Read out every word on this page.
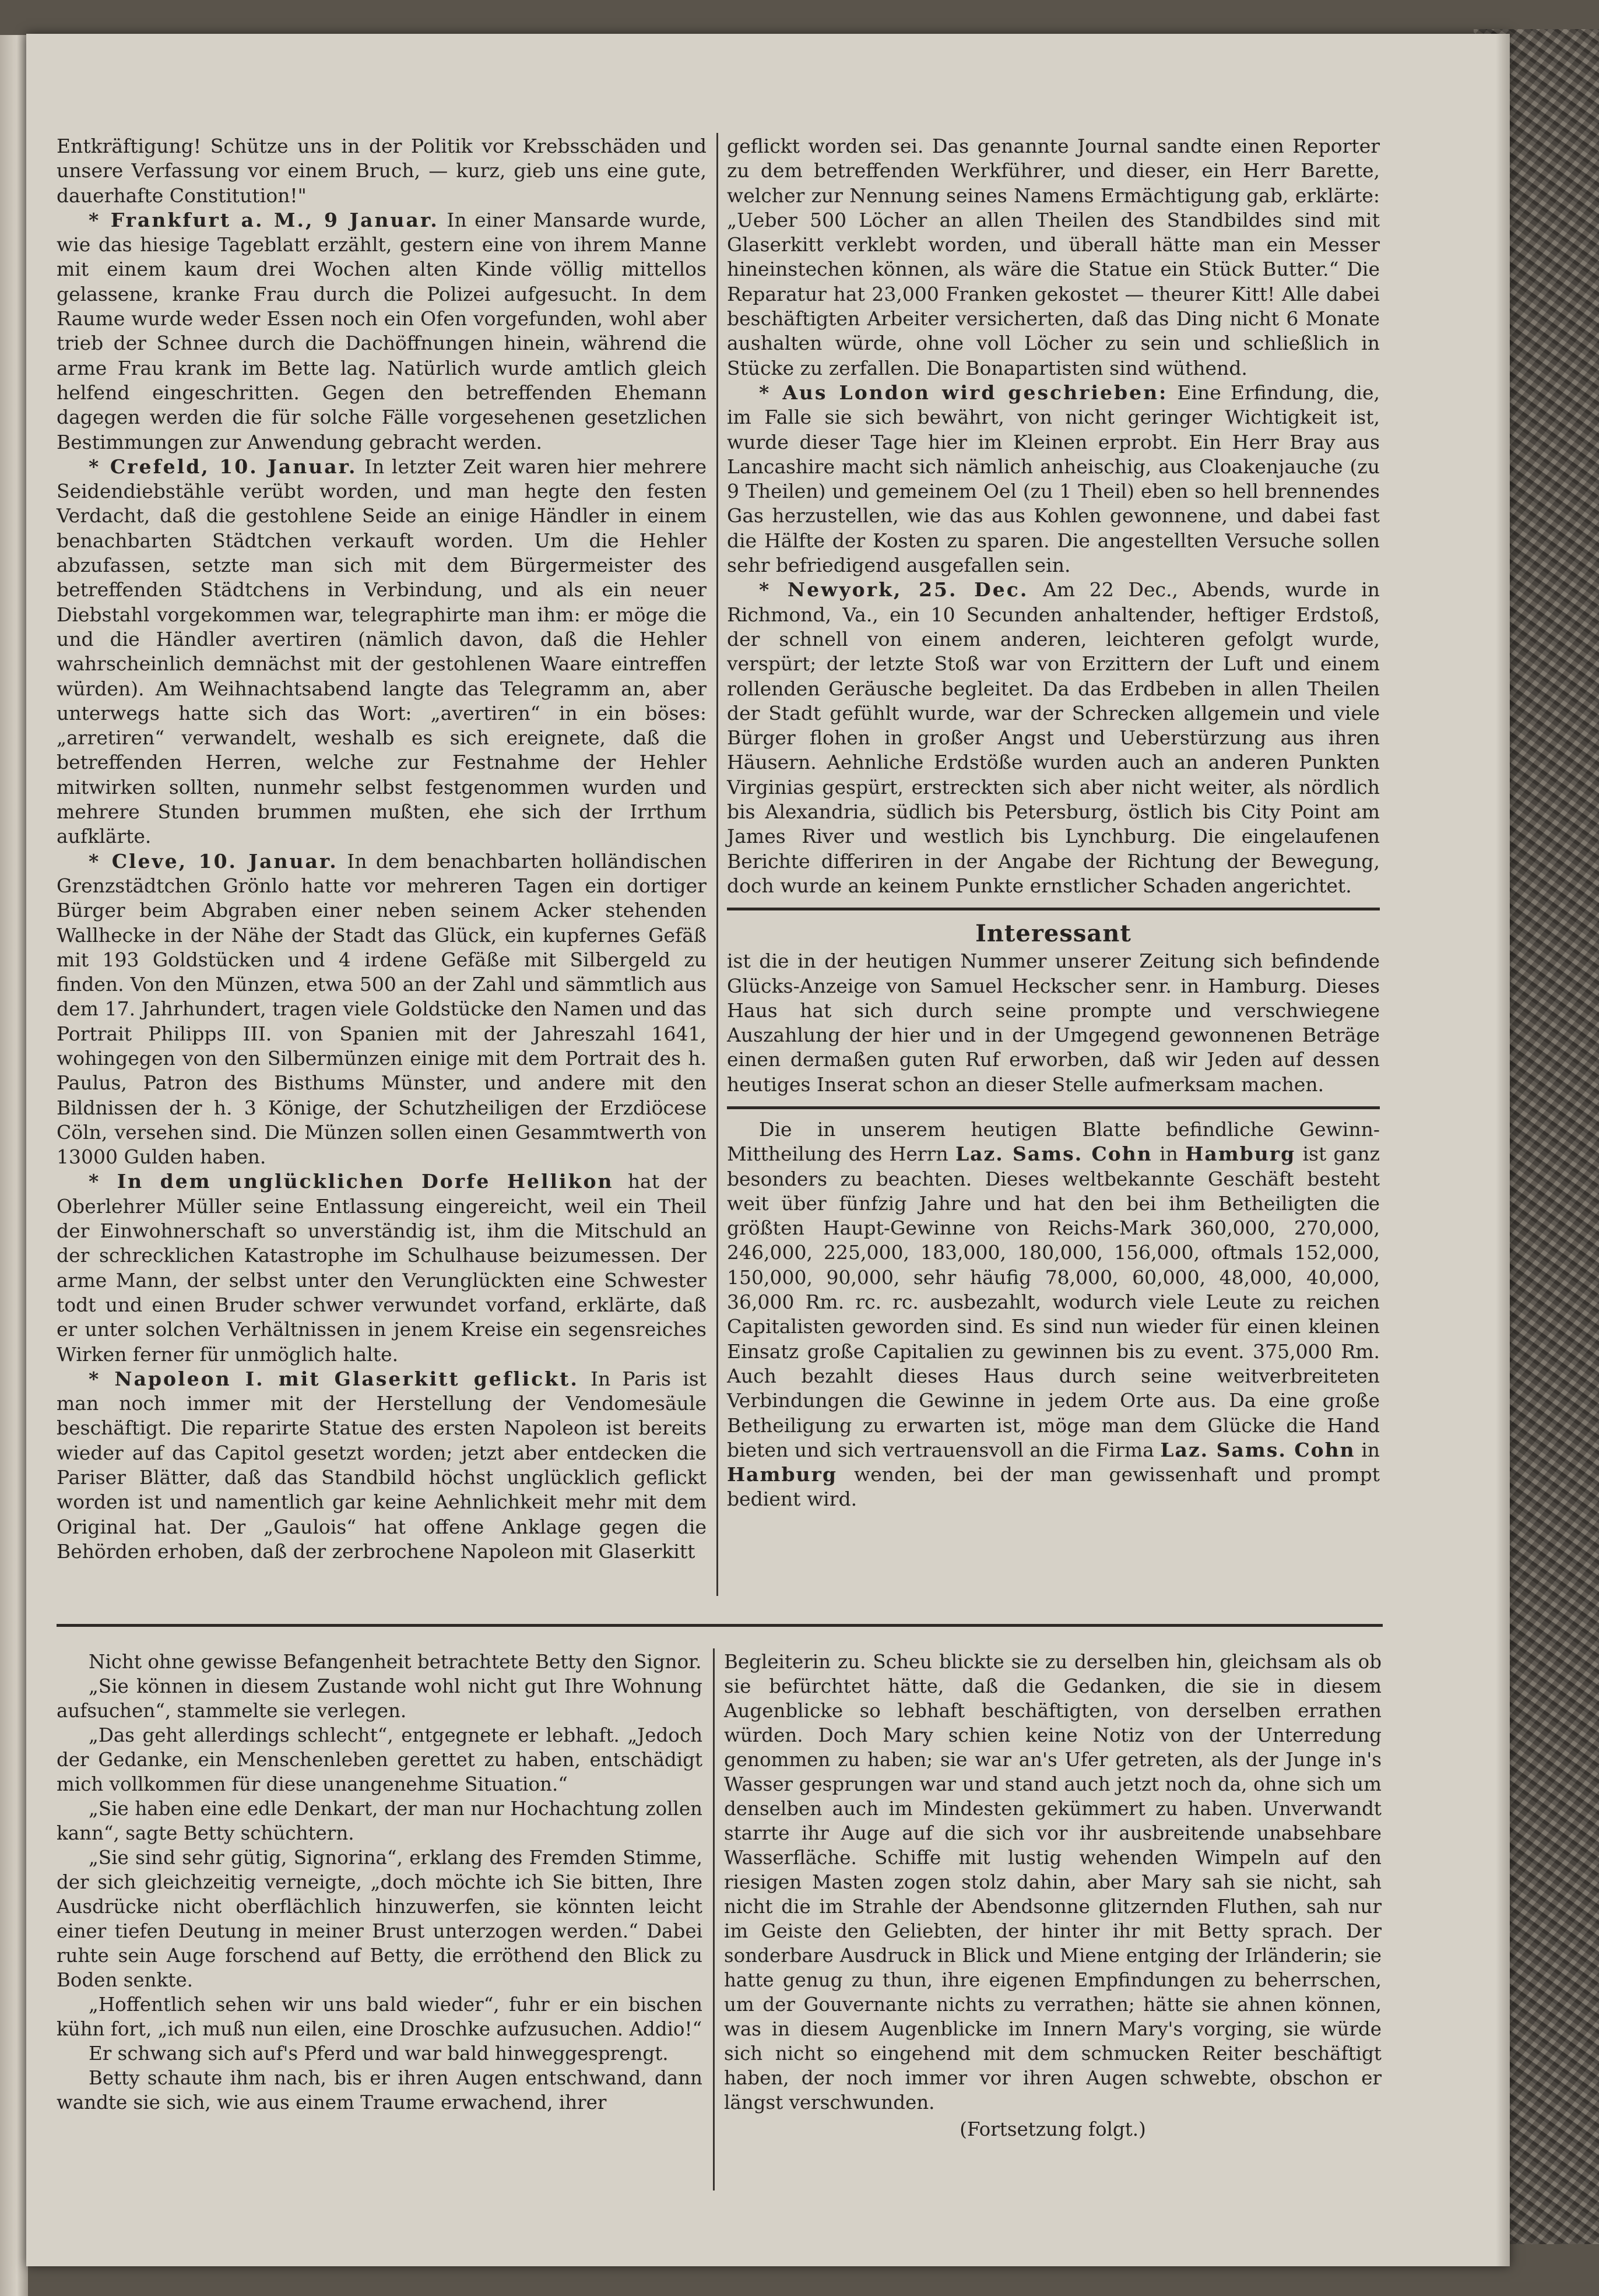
Entkräftigung! Schütze uns in der Politik vor Krebsschäden und unsere Verfassung vor einem Bruch, — kurz, gieb uns eine gute, dauerhafte Constitution!"

* Frankfurt a. M., 9 Januar. In einer Mansarde wurde, wie das hiesige Tageblatt erzählt, gestern eine von ihrem Manne mit einem kaum drei Wochen alten Kinde völlig mittellos gelassene, kranke Frau durch die Polizei aufgesucht. In dem Raume wurde weder Essen noch ein Ofen vorgefunden, wohl aber trieb der Schnee durch die Dachöffnungen hinein, während die arme Frau krank im Bette lag. Natürlich wurde amtlich gleich helfend eingeschritten. Gegen den betreffenden Ehemann dagegen werden die für solche Fälle vorgesehenen gesetzlichen Bestimmungen zur Anwendung gebracht werden.

* Crefeld, 10. Januar. In letzter Zeit waren hier mehrere Seidendiebstähle verübt worden, und man hegte den festen Verdacht, daß die gestohlene Seide an einige Händler in einem benachbarten Städtchen verkauft worden. Um die Hehler abzufassen, setzte man sich mit dem Bürgermeister des betreffenden Städtchens in Verbindung, und als ein neuer Diebstahl vorgekommen war, telegraphirte man ihm: er möge die und die Händler avertiren (nämlich davon, daß die Hehler wahrscheinlich demnächst mit der gestohlenen Waare eintreffen würden). Am Weihnachtsabend langte das Telegramm an, aber unterwegs hatte sich das Wort: „avertiren“ in ein böses: „arretiren“ verwandelt, weshalb es sich ereignete, daß die betreffenden Herren, welche zur Festnahme der Hehler mitwirken sollten, nunmehr selbst festgenommen wurden und mehrere Stunden brummen mußten, ehe sich der Irrthum aufklärte.

* Cleve, 10. Januar. In dem benachbarten holländischen Grenzstädtchen Grönlo hatte vor mehreren Tagen ein dortiger Bürger beim Abgraben einer neben seinem Acker stehenden Wallhecke in der Nähe der Stadt das Glück, ein kupfernes Gefäß mit 193 Goldstücken und 4 irdene Gefäße mit Silbergeld zu finden. Von den Münzen, etwa 500 an der Zahl und sämmtlich aus dem 17. Jahrhundert, tragen viele Goldstücke den Namen und das Portrait Philipps III. von Spanien mit der Jahreszahl 1641, wohingegen von den Silbermünzen einige mit dem Portrait des h. Paulus, Patron des Bisthums Münster, und andere mit den Bildnissen der h. 3 Könige, der Schutzheiligen der Erzdiöcese Cöln, versehen sind. Die Münzen sollen einen Gesammtwerth von 13000 Gulden haben.

* In dem unglücklichen Dorfe Hellikon hat der Oberlehrer Müller seine Entlassung eingereicht, weil ein Theil der Einwohnerschaft so unverständig ist, ihm die Mitschuld an der schrecklichen Katastrophe im Schulhause beizumessen. Der arme Mann, der selbst unter den Verunglückten eine Schwester todt und einen Bruder schwer verwundet vorfand, erklärte, daß er unter solchen Verhältnissen in jenem Kreise ein segensreiches Wirken ferner für unmöglich halte.

* Napoleon I. mit Glaserkitt geflickt. In Paris ist man noch immer mit der Herstellung der Vendomesäule beschäftigt. Die reparirte Statue des ersten Napoleon ist bereits wieder auf das Capitol gesetzt worden; jetzt aber entdecken die Pariser Blätter, daß das Standbild höchst unglücklich geflickt worden ist und namentlich gar keine Aehnlichkeit mehr mit dem Original hat. Der „Gaulois“ hat offene Anklage gegen die Behörden erhoben, daß der zerbrochene Napoleon mit Glaserkitt

geflickt worden sei. Das genannte Journal sandte einen Reporter zu dem betreffenden Werkführer, und dieser, ein Herr Barette, welcher zur Nennung seines Namens Ermächtigung gab, erklärte: „Ueber 500 Löcher an allen Theilen des Standbildes sind mit Glaserkitt verklebt worden, und überall hätte man ein Messer hineinstechen können, als wäre die Statue ein Stück Butter.“ Die Reparatur hat 23,000 Franken gekostet — theurer Kitt! Alle dabei beschäftigten Arbeiter versicherten, daß das Ding nicht 6 Monate aushalten würde, ohne voll Löcher zu sein und schließlich in Stücke zu zerfallen. Die Bonapartisten sind wüthend.

* Aus London wird geschrieben: Eine Erfindung, die, im Falle sie sich bewährt, von nicht geringer Wichtigkeit ist, wurde dieser Tage hier im Kleinen erprobt. Ein Herr Bray aus Lancashire macht sich nämlich anheischig, aus Cloakenjauche (zu 9 Theilen) und gemeinem Oel (zu 1 Theil) eben so hell brennendes Gas herzustellen, wie das aus Kohlen gewonnene, und dabei fast die Hälfte der Kosten zu sparen. Die angestellten Versuche sollen sehr befriedigend ausgefallen sein.

* Newyork, 25. Dec. Am 22 Dec., Abends, wurde in Richmond, Va., ein 10 Secunden anhaltender, heftiger Erdstoß, der schnell von einem anderen, leichteren gefolgt wurde, verspürt; der letzte Stoß war von Erzittern der Luft und einem rollenden Geräusche begleitet. Da das Erdbeben in allen Theilen der Stadt gefühlt wurde, war der Schrecken allgemein und viele Bürger flohen in großer Angst und Ueberstürzung aus ihren Häusern. Aehnliche Erdstöße wurden auch an anderen Punkten Virginias gespürt, erstreckten sich aber nicht weiter, als nördlich bis Alexandria, südlich bis Petersburg, östlich bis City Point am James River und westlich bis Lynchburg. Die eingelaufenen Berichte differiren in der Angabe der Richtung der Bewegung, doch wurde an keinem Punkte ernstlicher Schaden angerichtet.

Interessant

ist die in der heutigen Nummer unserer Zeitung sich befindende Glücks-Anzeige von Samuel Heckscher senr. in Hamburg. Dieses Haus hat sich durch seine prompte und verschwiegene Auszahlung der hier und in der Umgegend gewonnenen Beträge einen dermaßen guten Ruf erworben, daß wir Jeden auf dessen heutiges Inserat schon an dieser Stelle aufmerksam machen.

Die in unserem heutigen Blatte befindliche Gewinn-Mittheilung des Herrn Laz. Sams. Cohn in Hamburg ist ganz besonders zu beachten. Dieses weltbekannte Geschäft besteht weit über fünfzig Jahre und hat den bei ihm Betheiligten die größten Haupt-Gewinne von Reichs-Mark 360,000, 270,000, 246,000, 225,000, 183,000, 180,000, 156,000, oftmals 152,000, 150,000, 90,000, sehr häufig 78,000, 60,000, 48,000, 40,000, 36,000 Rm. rc. rc. ausbezahlt, wodurch viele Leute zu reichen Capitalisten geworden sind. Es sind nun wieder für einen kleinen Einsatz große Capitalien zu gewinnen bis zu event. 375,000 Rm. Auch bezahlt dieses Haus durch seine weitverbreiteten Verbindungen die Gewinne in jedem Orte aus. Da eine große Betheiligung zu erwarten ist, möge man dem Glücke die Hand bieten und sich vertrauensvoll an die Firma Laz. Sams. Cohn in Hamburg wenden, bei der man gewissenhaft und prompt bedient wird.

Nicht ohne gewisse Befangenheit betrachtete Betty den Signor.

„Sie können in diesem Zustande wohl nicht gut Ihre Wohnung aufsuchen“, stammelte sie verlegen.

„Das geht allerdings schlecht“, entgegnete er lebhaft. „Jedoch der Gedanke, ein Menschenleben gerettet zu haben, entschädigt mich vollkommen für diese unangenehme Situation.“

„Sie haben eine edle Denkart, der man nur Hochachtung zollen kann“, sagte Betty schüchtern.

„Sie sind sehr gütig, Signorina“, erklang des Fremden Stimme, der sich gleichzeitig verneigte, „doch möchte ich Sie bitten, Ihre Ausdrücke nicht oberflächlich hinzuwerfen, sie könnten leicht einer tiefen Deutung in meiner Brust unterzogen werden.“ Dabei ruhte sein Auge forschend auf Betty, die erröthend den Blick zu Boden senkte.

„Hoffentlich sehen wir uns bald wieder“, fuhr er ein bischen kühn fort, „ich muß nun eilen, eine Droschke aufzusuchen. Addio!“

Er schwang sich auf's Pferd und war bald hinweggesprengt.

Betty schaute ihm nach, bis er ihren Augen entschwand, dann wandte sie sich, wie aus einem Traume erwachend, ihrer

Begleiterin zu. Scheu blickte sie zu derselben hin, gleichsam als ob sie befürchtet hätte, daß die Gedanken, die sie in diesem Augenblicke so lebhaft beschäftigten, von derselben errathen würden. Doch Mary schien keine Notiz von der Unterredung genommen zu haben; sie war an's Ufer getreten, als der Junge in's Wasser gesprungen war und stand auch jetzt noch da, ohne sich um denselben auch im Mindesten gekümmert zu haben. Unverwandt starrte ihr Auge auf die sich vor ihr ausbreitende unabsehbare Wasserfläche. Schiffe mit lustig wehenden Wimpeln auf den riesigen Masten zogen stolz dahin, aber Mary sah sie nicht, sah nicht die im Strahle der Abendsonne glitzernden Fluthen, sah nur im Geiste den Geliebten, der hinter ihr mit Betty sprach. Der sonderbare Ausdruck in Blick und Miene entging der Irländerin; sie hatte genug zu thun, ihre eigenen Empfindungen zu beherrschen, um der Gouvernante nichts zu verrathen; hätte sie ahnen können, was in diesem Augenblicke im Innern Mary's vorging, sie würde sich nicht so eingehend mit dem schmucken Reiter beschäftigt haben, der noch immer vor ihren Augen schwebte, obschon er längst verschwunden.

(Fortsetzung folgt.)
